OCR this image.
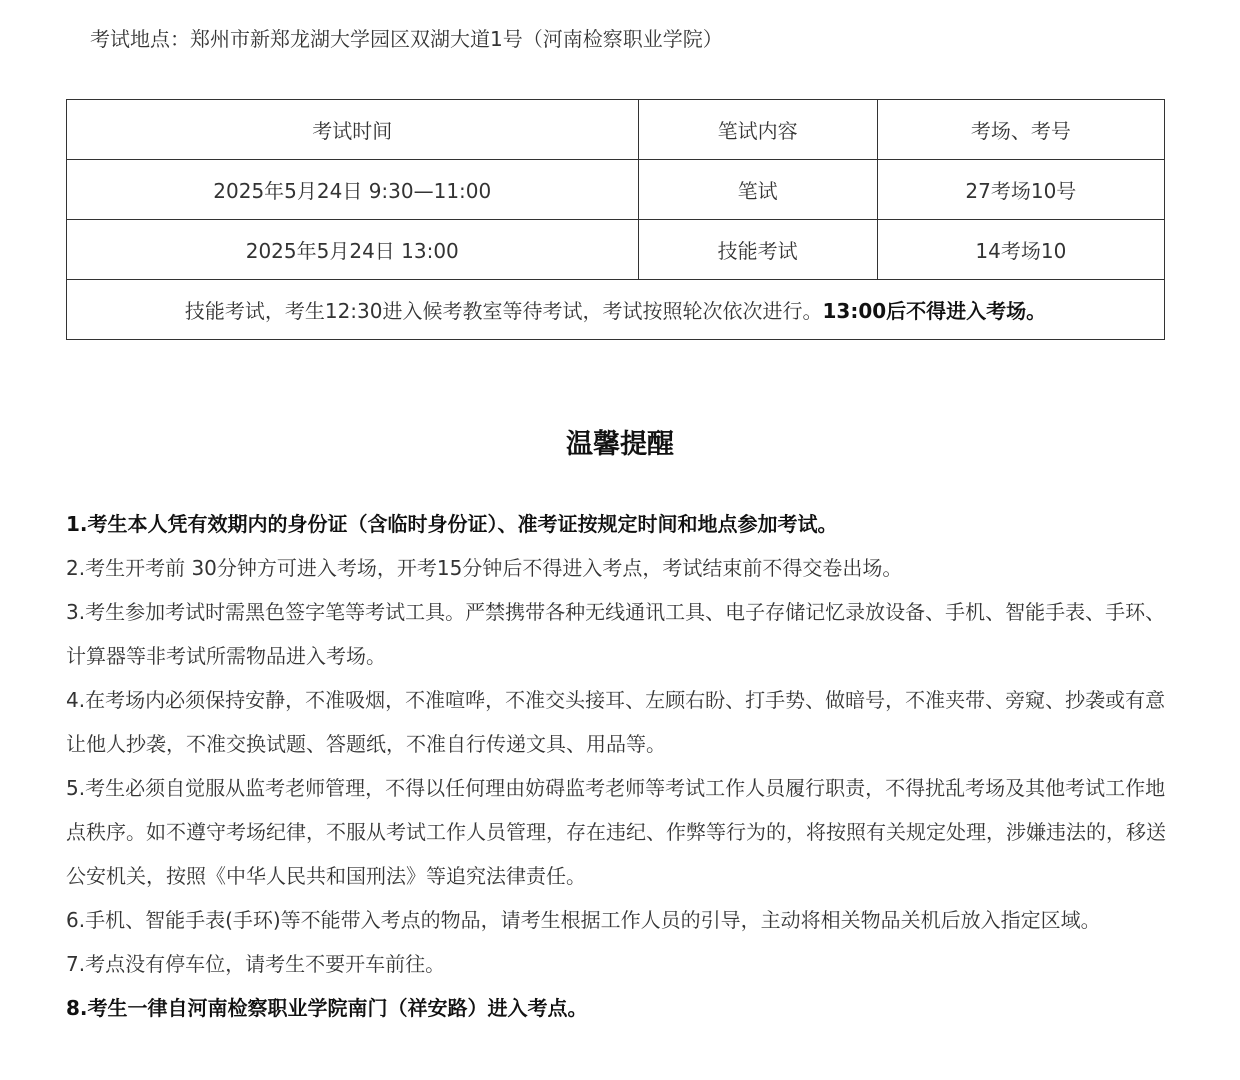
考试地点：郑州市新郑龙湖大学园区双湖大道1号（河南检察职业学院）
考试时间	笔试内容	考场、考号
2025年5月24日 9:30—11:00	笔试	27考场10号
2025年5月24日 13:00	技能考试	14考场10
技能考试，考生12:30进入候考教室等待考试，考试按照轮次依次进行。13:00后不得进入考场。		
温馨提醒

1.考生本人凭有效期内的身份证（含临时身份证）、准考证按规定时间和地点参加考试。

2.考生开考前 30分钟方可进入考场，开考15分钟后不得进入考点，考试结束前不得交卷出场。

3.考生参加考试时需黑色签字笔等考试工具。严禁携带各种无线通讯工具、电子存储记忆录放设备、手机、智能手表、手环、计算器等非考试所需物品进入考场。

4.在考场内必须保持安静，不准吸烟，不准喧哗，不准交头接耳、左顾右盼、打手势、做暗号，不准夹带、旁窥、抄袭或有意让他人抄袭，不准交换试题、答题纸，不准自行传递文具、用品等。

5.考生必须自觉服从监考老师管理，不得以任何理由妨碍监考老师等考试工作人员履行职责，不得扰乱考场及其他考试工作地点秩序。如不遵守考场纪律，不服从考试工作人员管理，存在违纪、作弊等行为的，将按照有关规定处理，涉嫌违法的，移送公安机关，按照《中华人民共和国刑法》等追究法律责任。

6.手机、智能手表(手环)等不能带入考点的物品，请考生根据工作人员的引导，主动将相关物品关机后放入指定区域。

7.考点没有停车位，请考生不要开车前往。

8.考生一律自河南检察职业学院南门（祥安路）进入考点。
